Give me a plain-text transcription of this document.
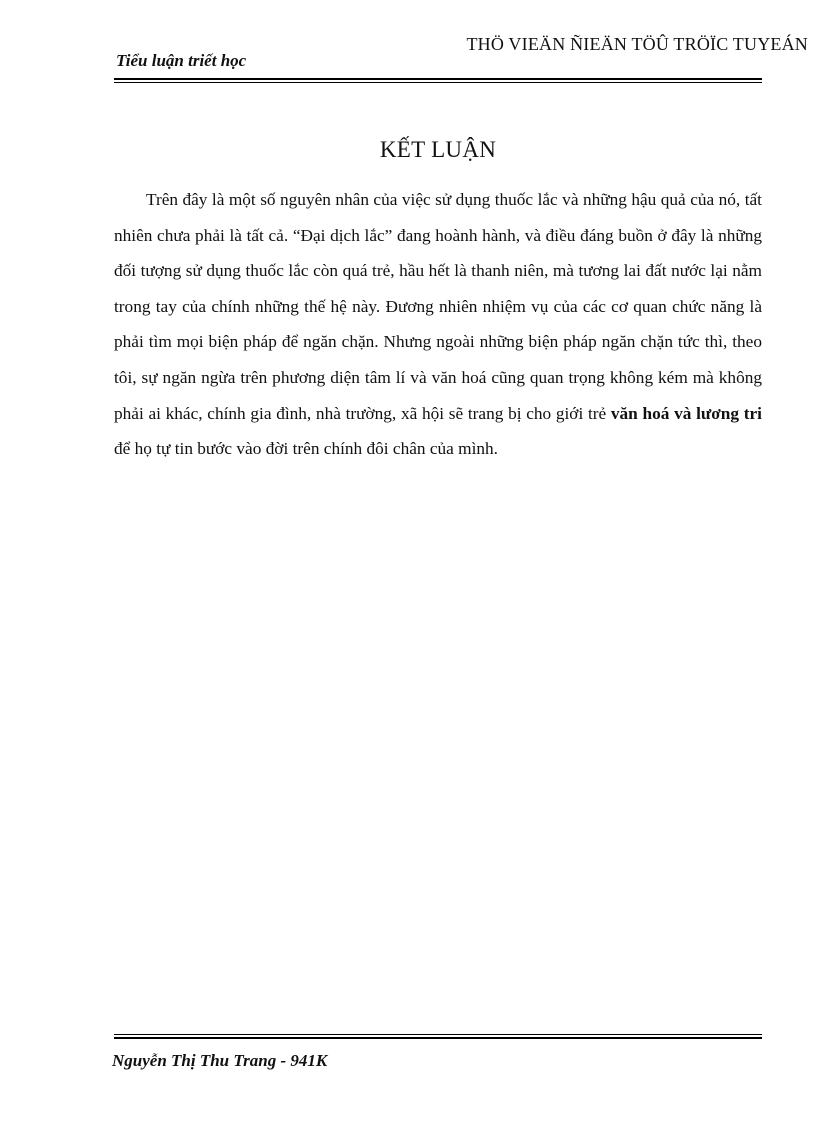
THÖ VIEÄN ÑIEÄN TÖÛ TRÖÏC TUYEÁN
Tiểu luận triết học
KẾT LUẬN

Trên đây là một số nguyên nhân của việc sử dụng thuốc lắc và những hậu quả của nó, tất nhiên chưa phải là tất cả. “Đại dịch lắc” đang hoành hành, và điều đáng buồn ở đây là những đối tượng sử dụng thuốc lắc còn quá trẻ, hầu hết là thanh niên, mà tương lai đất nước lại nằm trong tay của chính những thế hệ này. Đương nhiên nhiệm vụ của các cơ quan chức năng là phải tìm mọi biện pháp để ngăn chặn. Nhưng ngoài những biện pháp ngăn chặn tức thì, theo tôi, sự ngăn ngừa trên phương diện tâm lí và văn hoá cũng quan trọng không kém mà không phải ai khác, chính gia đình, nhà trường, xã hội sẽ trang bị cho giới trẻ văn hoá và lương tri để họ tự tin bước vào đời trên chính đôi chân của mình.

Nguyễn Thị Thu Trang - 941K
